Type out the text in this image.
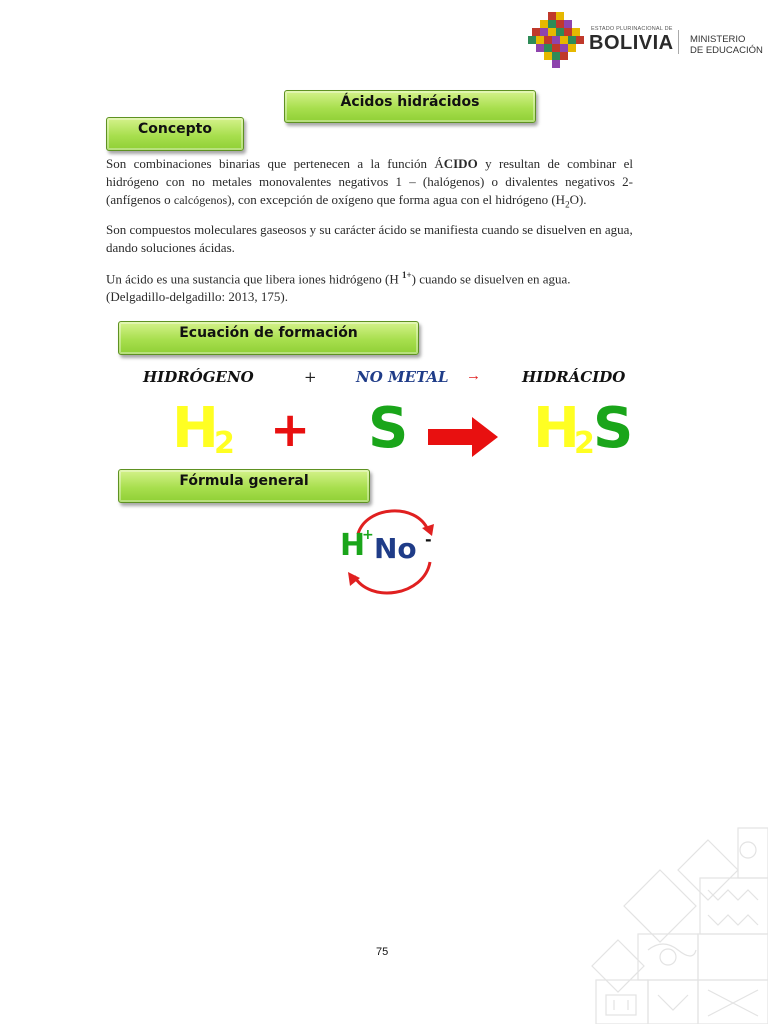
ESTADO PLURINACIONAL DE
BOLIVIA MINISTERIO
DE EDUCACIÓN
Ácidos hidrácidos
Concepto
Son combinaciones binarias que pertenecen a la función ÁCIDO y resultan de combinar el hidrógeno con no metales monovalentes negativos 1 – (halógenos) o divalentes negativos 2- (anfígenos o calcógenos), con excepción de oxígeno que forma agua con el hidrógeno $(H_2O)$.
Son compuestos moleculares gaseosos y su carácter ácido se manifiesta cuando se disuelven en agua, dando soluciones ácidas.
Un ácido es una sustancia que libera iones hidrógeno (H $^{1+}$) cuando se disuelven en agua. (Delgadillo-delgadillo: 2013, 175).
Ecuación de formación
HIDRÓGENO	+	NO METAL →	HIDRÁCIDO
H
2 + S H
2
S
Fórmula general
H
+ No -
75
